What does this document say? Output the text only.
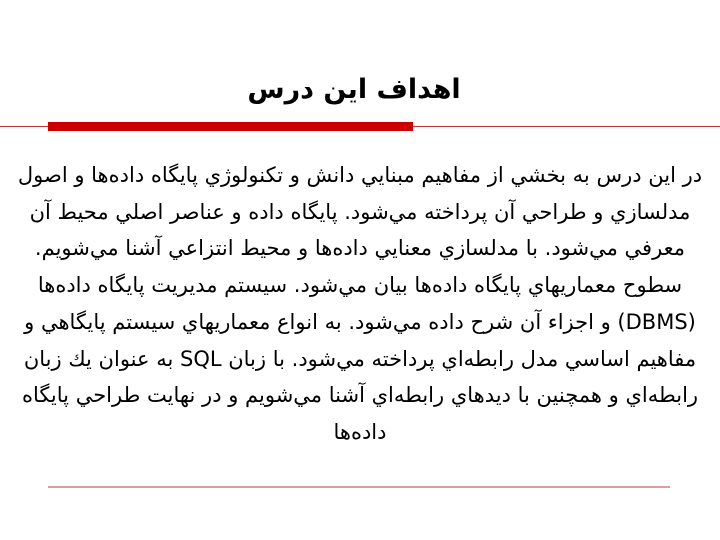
اهداف اين درس

در اين درس به بخشي از مفاهيم مبنايي دانش و تكنولوژي پايگاه داده‌ها و اصول مدلسازي و طراحي آن پرداخته مي‌شود. پايگاه داده و عناصر اصلي محيط آن معرفي مي‌شود. با مدلسازي معنايي داده‌ها و محيط انتزاعي آشنا مي‌شويم. سطوح معماريهاي پايگاه داده‌ها بيان مي‌شود. سيستم مديريت پايگاه داده‌ها (DBMS) و اجزاء آن شرح داده مي‌شود. به انواع معماريهاي سيستم پايگاهي و مفاهيم اساسي مدل رابطه‌اي پرداخته مي‌شود. با زبان SQL به عنوان يك زبان رابطه‌اي و همچنين با ديدهاي رابطه‌اي آشنا مي‌شويم و در نهايت طراحي پايگاه داده‌ها
